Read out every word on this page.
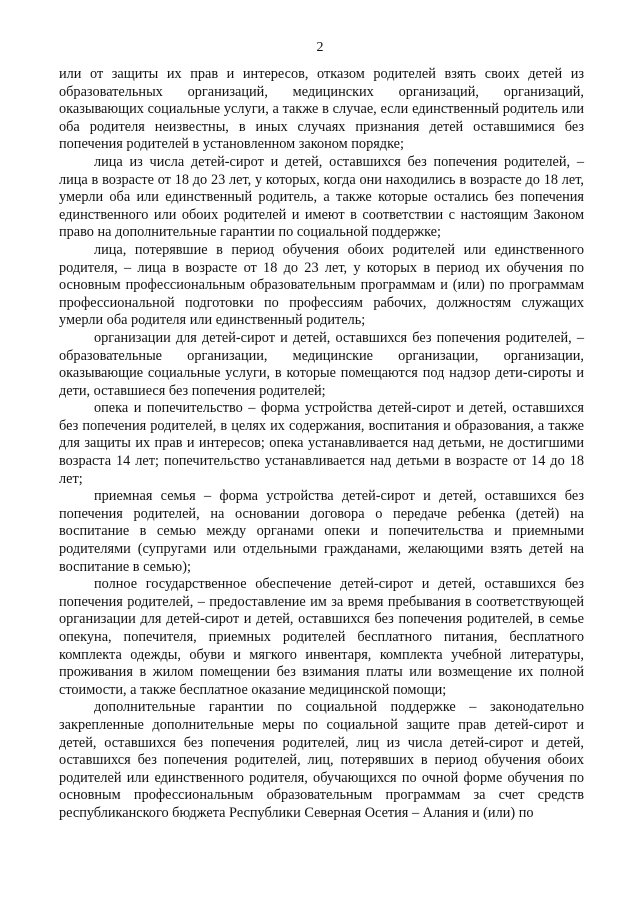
2

или от защиты их прав и интересов, отказом родителей взять своих детей из образовательных организаций, медицинских организаций, организаций, оказывающих социальные услуги, а также в случае, если единственный родитель или оба родителя неизвестны, в иных случаях признания детей оставшимися без попечения родителей в установленном законом порядке;

лица из числа детей-сирот и детей, оставшихся без попечения родителей, – лица в возрасте от 18 до 23 лет, у которых, когда они находились в возрасте до 18 лет, умерли оба или единственный родитель, а также которые остались без попечения единственного или обоих родителей и имеют в соответствии с настоящим Законом право на дополнительные гарантии по социальной поддержке;

лица, потерявшие в период обучения обоих родителей или единственного родителя, – лица в возрасте от 18 до 23 лет, у которых в период их обучения по основным профессиональным образовательным программам и (или) по программам профессиональной подготовки по профессиям рабочих, должностям служащих умерли оба родителя или единственный родитель;

организации для детей-сирот и детей, оставшихся без попечения родителей, – образовательные организации, медицинские организации, организации, оказывающие социальные услуги, в которые помещаются под надзор дети-сироты и дети, оставшиеся без попечения родителей;

опека и попечительство – форма устройства детей-сирот и детей, оставшихся без попечения родителей, в целях их содержания, воспитания и образования, а также для защиты их прав и интересов; опека устанавливается над детьми, не достигшими возраста 14 лет; попечительство устанавливается над детьми в возрасте от 14 до 18 лет;

приемная семья – форма устройства детей-сирот и детей, оставшихся без попечения родителей, на основании договора о передаче ребенка (детей) на воспитание в семью между органами опеки и попечительства и приемными родителями (супругами или отдельными гражданами, желающими взять детей на воспитание в семью);

полное государственное обеспечение детей-сирот и детей, оставшихся без попечения родителей, – предоставление им за время пребывания в соответствующей организации для детей-сирот и детей, оставшихся без попечения родителей, в семье опекуна, попечителя, приемных родителей бесплатного питания, бесплатного комплекта одежды, обуви и мягкого инвентаря, комплекта учебной литературы, проживания в жилом помещении без взимания платы или возмещение их полной стоимости, а также бесплатное оказание медицинской помощи;

дополнительные гарантии по социальной поддержке – законодательно закрепленные дополнительные меры по социальной защите прав детей-сирот и детей, оставшихся без попечения родителей, лиц из числа детей-сирот и детей, оставшихся без попечения родителей, лиц, потерявших в период обучения обоих родителей или единственного родителя, обучающихся по очной форме обучения по основным профессиональным образовательным программам за счет средств республиканского бюджета Республики Северная Осетия – Алания и (или) по
